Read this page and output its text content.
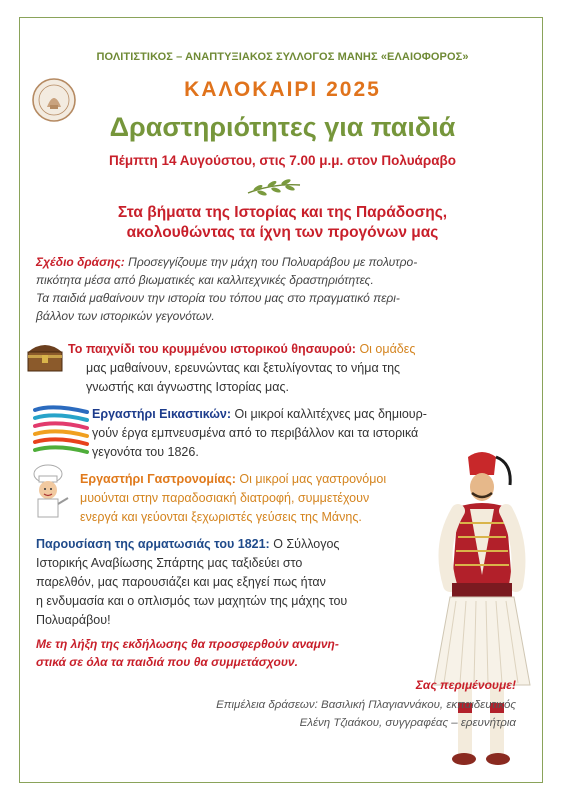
ΠΟΛΙΤΙΣΤΙΚΟΣ – ΑΝΑΠΤΥΞΙΑΚΟΣ ΣΥΛΛΟΓΟΣ ΜΑΝΗΣ «ΕΛΑΙΟΦΟΡΟΣ»
ΚΑΛΟΚΑΙΡΙ 2025
Δραστηριότητες για παιδιά
Πέμπτη 14 Αυγούστου, στις 7.00 μ.μ. στον Πολυάραβο
Στα βήματα της Ιστορίας και της Παράδοσης,
ακολουθώντας τα ίχνη των προγόνων μας
Σχέδιο δράσης: Προσεγγίζουμε την μάχη του Πολυαράβου με πολυτρο-
πικότητα μέσα από βιωματικές και καλλιτεχνικές δραστηριότητες.
Τα παιδιά μαθαίνουν την ιστορία του τόπου μας στο πραγματικό περι-
βάλλον των ιστορικών γεγονότων.
Το παιχνίδι του κρυμμένου ιστορικού θησαυρού: Οι ομάδες
μας μαθαίνουν, ερευνώντας και ξετυλίγοντας το νήμα της
γνωστής και άγνωστης Ιστορίας μας.
Εργαστήρι Εικαστικών: Οι μικροί καλλιτέχνες μας δημιουρ-
γούν έργα εμπνευσμένα από το περιβάλλον και τα ιστορικά
γεγονότα του 1826.
Εργαστήρι Γαστρονομίας: Οι μικροί μας γαστρονόμοι
μυούνται στην παραδοσιακή διατροφή, συμμετέχουν
ενεργά και γεύονται ξεχωριστές γεύσεις της Μάνης.
Παρουσίαση της αρματωσιάς του 1821: Ο Σύλλογος
Ιστορικής Αναβίωσης Σπάρτης μας ταξιδεύει στο
παρελθόν, μας παρουσιάζει και μας εξηγεί πως ήταν
η ενδυμασία και ο οπλισμός των μαχητών της μάχης του
Πολυαράβου!
Με τη λήξη της εκδήλωσης θα προσφερθούν αναμνη-
στικά σε όλα τα παιδιά που θα συμμετάσχουν.
Σας περιμένουμε!
Επιμέλεια δράσεων: Βασιλική Πλαγιαννάκου, εκπαιδευτικός
Ελένη Τζιαάκου, συγγραφέας – ερευνήτρια
